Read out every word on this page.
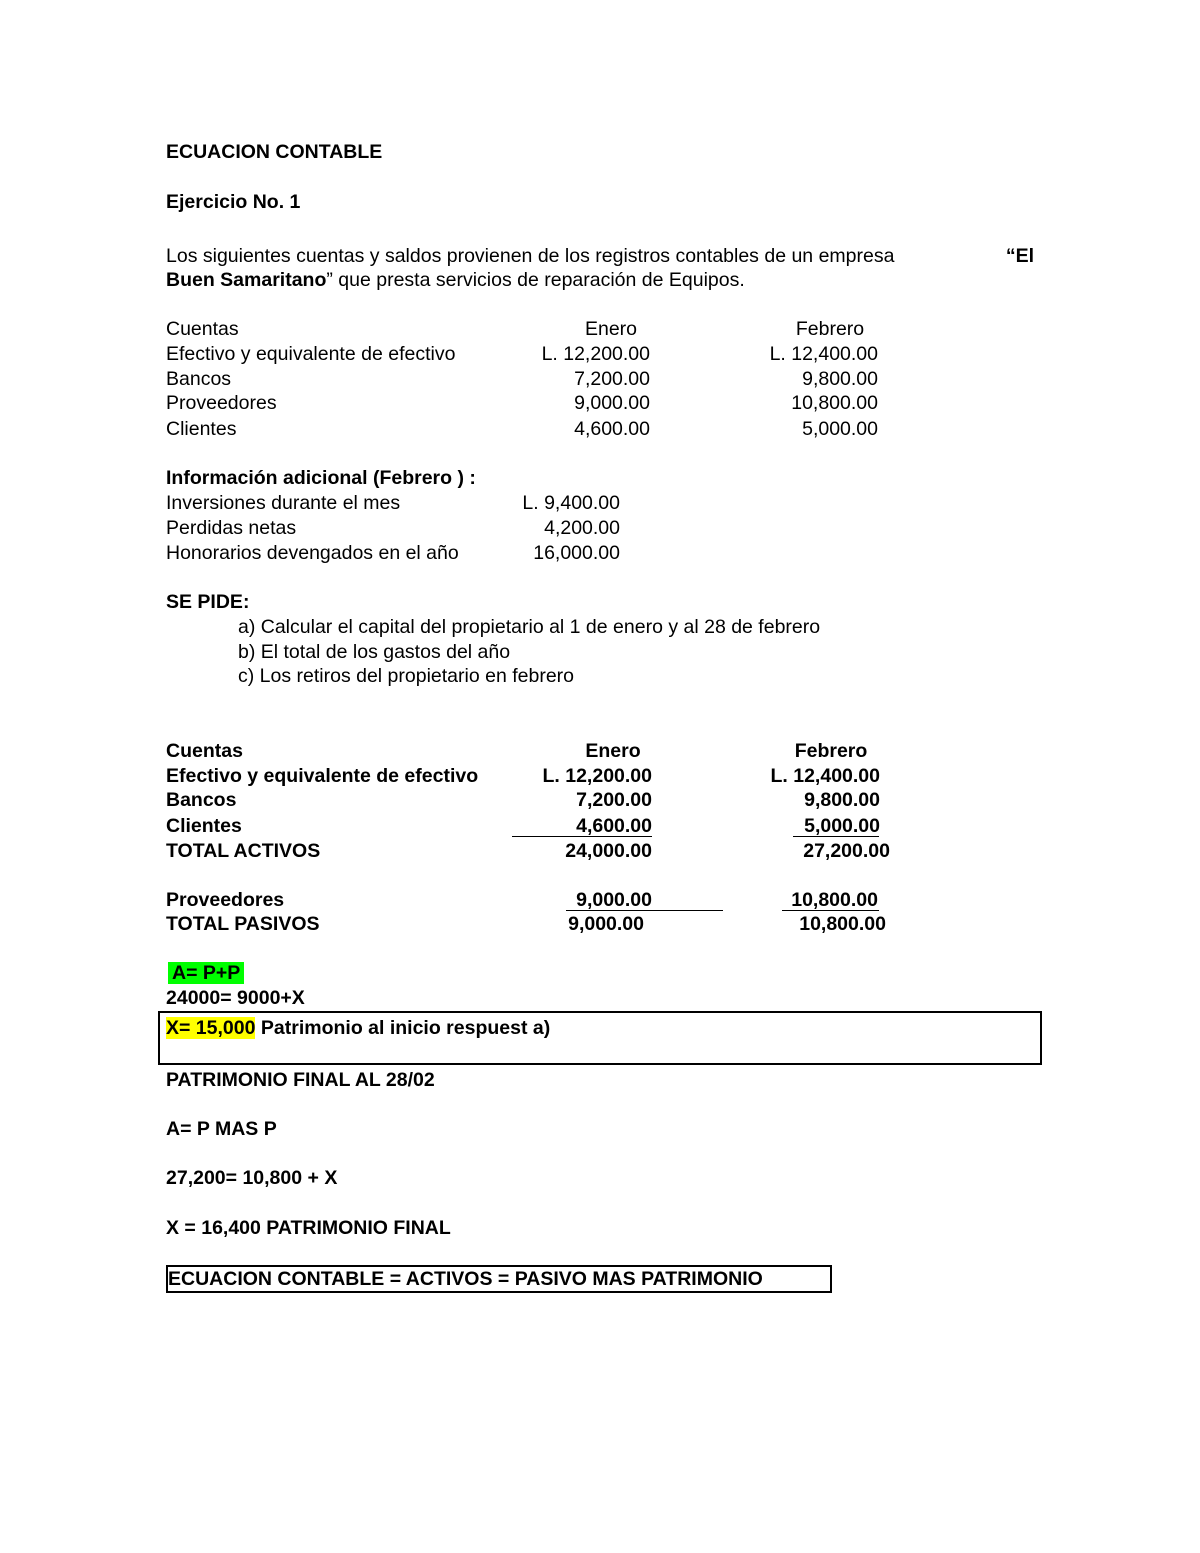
ECUACION CONTABLE
Ejercicio No. 1
Los siguientes cuentas y saldos provienen de los registros contables de un empresa	“El
Buen Samaritano” que presta servicios de reparación de Equipos.
Cuentas	Enero	Febrero
Efectivo y equivalente de efectivo	L. 12,200.00	L. 12,400.00
Bancos	7,200.00	9,800.00
Proveedores	9,000.00	10,800.00
Clientes	4,600.00	5,000.00
Información adicional (Febrero ) :
Inversiones durante el mes	L. 9,400.00
Perdidas netas	4,200.00
Honorarios devengados en el año	16,000.00
SE PIDE:
a) Calcular el capital del propietario al 1 de enero y al 28 de febrero
b) El total de los gastos del año
c) Los retiros del propietario en febrero
Cuentas	Enero	Febrero
Efectivo y equivalente de efectivo	L. 12,200.00	L. 12,400.00
Bancos	7,200.00	9,800.00
Clientes	4,600.00	5,000.00
TOTAL ACTIVOS	24,000.00	27,200.00
Proveedores	9,000.00	10,800.00
TOTAL PASIVOS	9,000.00	10,800.00
A= P+P
24000= 9000+X
X= 15,000 Patrimonio al inicio respuest a)
PATRIMONIO FINAL AL 28/02
A= P MAS P
27,200= 10,800 + X
X = 16,400 PATRIMONIO FINAL
ECUACION CONTABLE = ACTIVOS = PASIVO MAS PATRIMONIO
